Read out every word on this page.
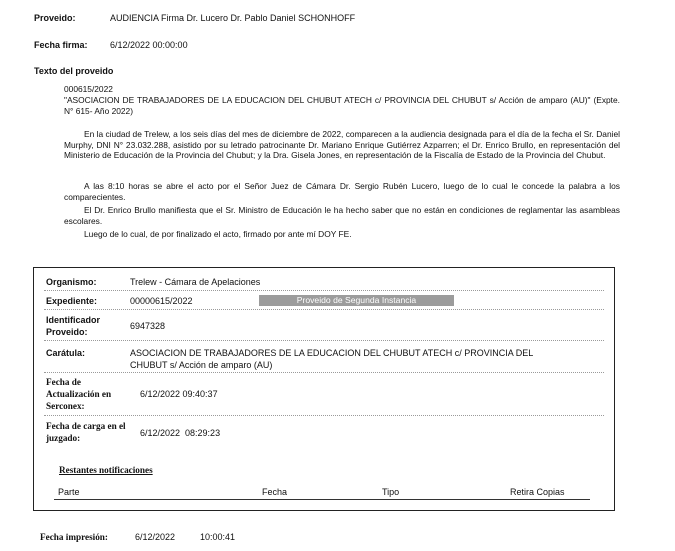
Proveido:	AUDIENCIA Firma Dr. Lucero Dr. Pablo Daniel SCHONHOFF
Fecha firma: 6/12/2022 00:00:00
Texto del proveido
000615/2022
"ASOCIACION DE TRABAJADORES DE LA EDUCACION DEL CHUBUT ATECH c/ PROVINCIA DEL CHUBUT s/ Acción de amparo (AU)" (Expte. N° 615- Año 2022)
En la ciudad de Trelew, a los seis días del mes de diciembre de 2022, comparecen a la audiencia designada para el día de la fecha el Sr. Daniel Murphy, DNI N° 23.032.288, asistido por su letrado patrocinante Dr. Mariano Enrique Gutiérrez Azparren; el Dr. Enrico Brullo, en representación del Ministerio de Educación de la Provincia del Chubut; y la Dra. Gisela Jones, en representación de la Fiscalía de Estado de la Provincia del Chubut.
A las 8:10 horas se abre el acto por el Señor Juez de Cámara Dr. Sergio Rubén Lucero, luego de lo cual le concede la palabra a los comparecientes.
El Dr. Enrico Brullo manifiesta que el Sr. Ministro de Educación le ha hecho saber que no están en condiciones de reglamentar las asambleas escolares.
Luego de lo cual, de por finalizado el acto, firmado por ante mí DOY FE.
Organismo:	Trelew - Cámara de Apelaciones
Expediente:	00000615/2022	Proveido de Segunda Instancia
Identificador Proveido:
6947328
Carátula:	ASOCIACION DE TRABAJADORES DE LA EDUCACION DEL CHUBUT ATECH c/ PROVINCIA DEL CHUBUT s/ Acción de amparo (AU)
Fecha de Actualización en Serconex:
6/12/2022 09:40:37
Fecha de carga en el juzgado:	6/12/2022  08:29:23
Restantes notificaciones
Parte	Fecha	Tipo	Retira Copias
Fecha impresión:	6/12/2022	10:00:41
